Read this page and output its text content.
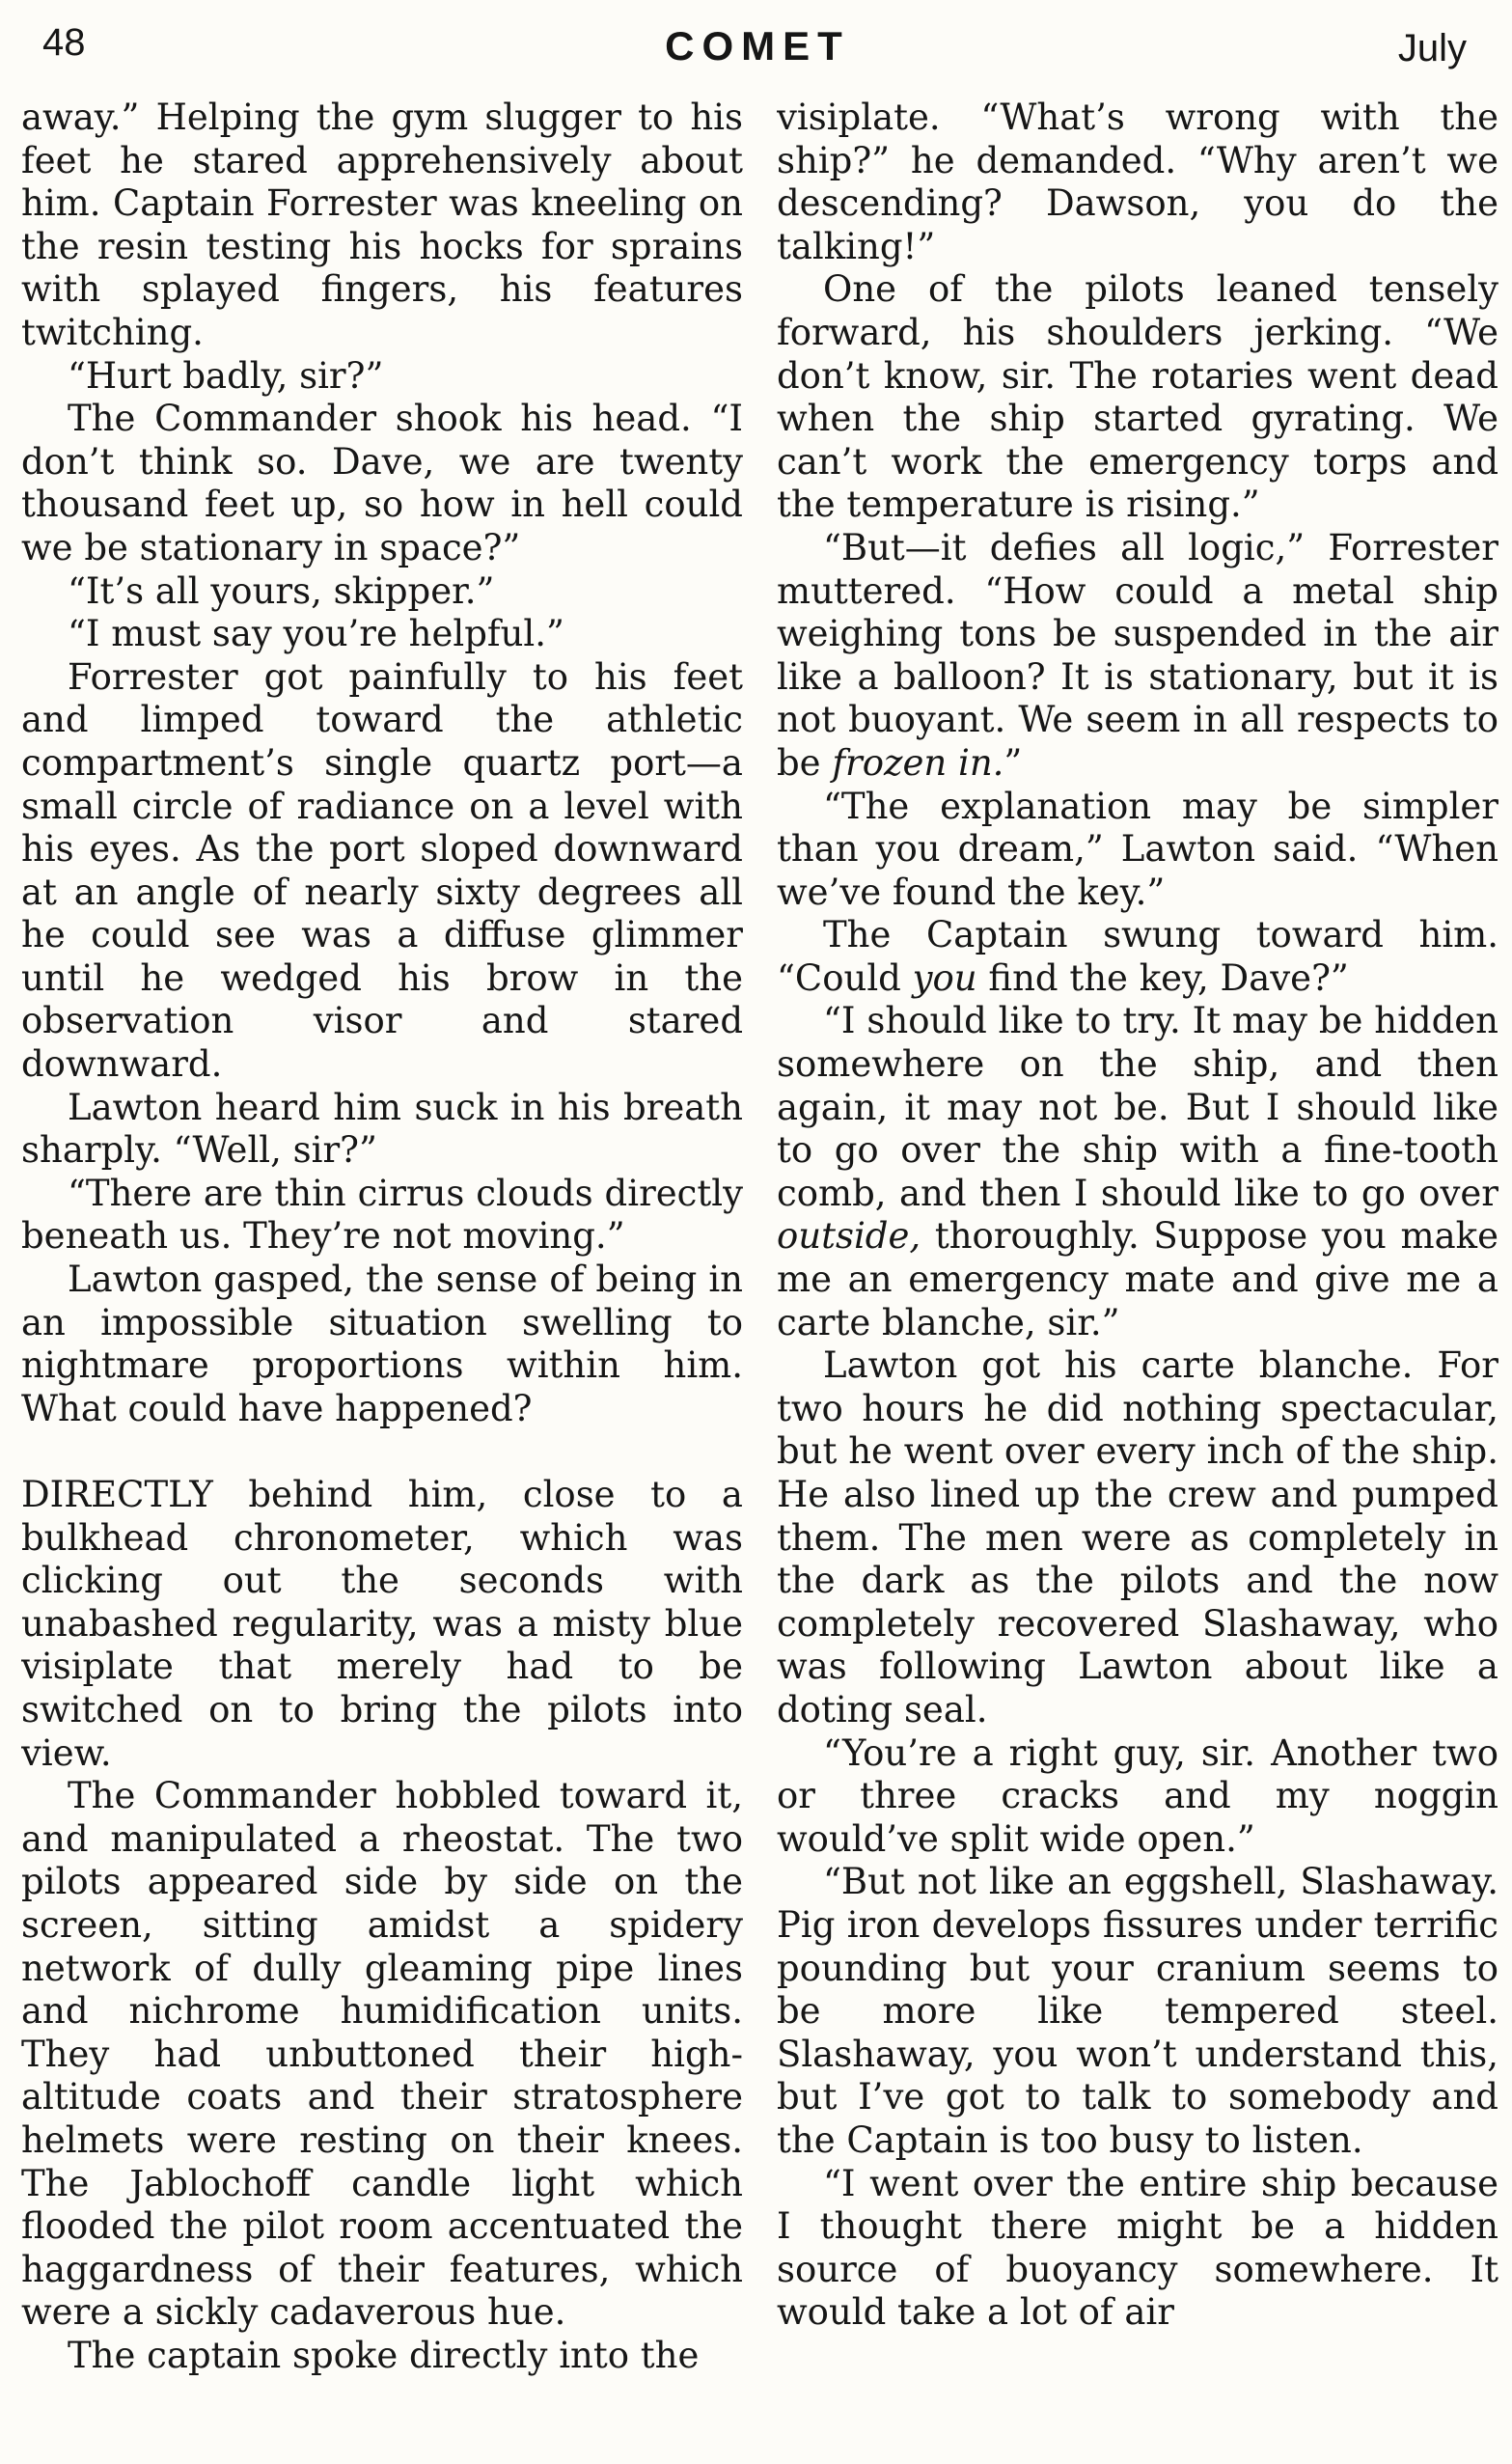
48	COMET	July

away.” Helping the gym slugger to his feet he stared apprehensively about him. Captain Forrester was kneeling on the resin testing his hocks for sprains with splayed fingers, his features twitching.

“Hurt badly, sir?”

The Commander shook his head. “I don’t think so. Dave, we are twenty thousand feet up, so how in hell could we be stationary in space?”

“It’s all yours, skipper.”

“I must say you’re helpful.”

Forrester got painfully to his feet and limped toward the athletic compartment’s single quartz port—a small circle of radiance on a level with his eyes. As the port sloped downward at an angle of nearly sixty degrees all he could see was a diffuse glimmer until he wedged his brow in the observation visor and stared downward.

Lawton heard him suck in his breath sharply. “Well, sir?”

“There are thin cirrus clouds directly beneath us. They’re not moving.”

Lawton gasped, the sense of being in an impossible situation swelling to nightmare proportions within him. What could have happened?

DIRECTLY behind him, close to a bulkhead chronometer, which was clicking out the seconds with unabashed regularity, was a misty blue visiplate that merely had to be switched on to bring the pilots into view.

The Commander hobbled toward it, and manipulated a rheostat. The two pilots appeared side by side on the screen, sitting amidst a spidery network of dully gleaming pipe lines and nichrome humidification units. They had unbuttoned their high-altitude coats and their stratosphere helmets were resting on their knees. The Jablochoff candle light which flooded the pilot room accentuated the haggardness of their features, which were a sickly cadaverous hue.

The captain spoke directly into the

visiplate. “What’s wrong with the ship?” he demanded. “Why aren’t we descending? Dawson, you do the talking!”

One of the pilots leaned tensely forward, his shoulders jerking. “We don’t know, sir. The rotaries went dead when the ship started gyrating. We can’t work the emergency torps and the temperature is rising.”

“But—it defies all logic,” Forrester muttered. “How could a metal ship weighing tons be suspended in the air like a balloon? It is stationary, but it is not buoyant. We seem in all respects to be frozen in.”

“The explanation may be simpler than you dream,” Lawton said. “When we’ve found the key.”

The Captain swung toward him. “Could you find the key, Dave?”

“I should like to try. It may be hidden somewhere on the ship, and then again, it may not be. But I should like to go over the ship with a fine-tooth comb, and then I should like to go over outside, thoroughly. Suppose you make me an emergency mate and give me a carte blanche, sir.”

Lawton got his carte blanche. For two hours he did nothing spectacular, but he went over every inch of the ship. He also lined up the crew and pumped them. The men were as completely in the dark as the pilots and the now completely recovered Slashaway, who was following Lawton about like a doting seal.

“You’re a right guy, sir. Another two or three cracks and my noggin would’ve split wide open.”

“But not like an eggshell, Slashaway. Pig iron develops fissures under terrific pounding but your cranium seems to be more like tempered steel. Slashaway, you won’t understand this, but I’ve got to talk to somebody and the Captain is too busy to listen.

“I went over the entire ship because I thought there might be a hidden source of buoyancy somewhere. It would take a lot of air
